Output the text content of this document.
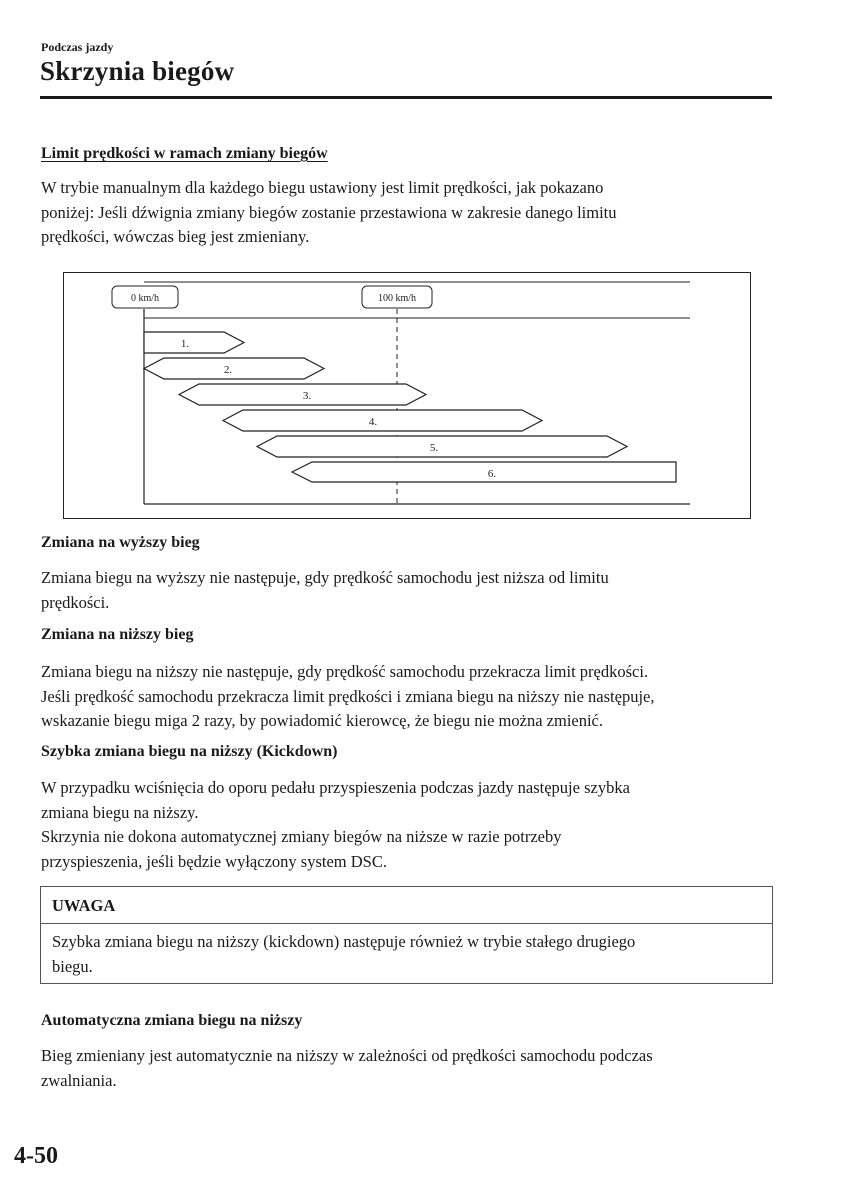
Podczas jazdy
Skrzynia biegów
Limit prędkości w ramach zmiany biegów
W trybie manualnym dla każdego biegu ustawiony jest limit prędkości, jak pokazano
poniżej: Jeśli dźwignia zmiany biegów zostanie przestawiona w zakresie danego limitu
prędkości, wówczas bieg jest zmieniany.
0 km/h	100 km/h
1.
2.
3.
4.
5.
6.
Zmiana na wyższy bieg
Zmiana biegu na wyższy nie następuje, gdy prędkość samochodu jest niższa od limitu
prędkości.
Zmiana na niższy bieg
Zmiana biegu na niższy nie następuje, gdy prędkość samochodu przekracza limit prędkości.
Jeśli prędkość samochodu przekracza limit prędkości i zmiana biegu na niższy nie następuje,
wskazanie biegu miga 2 razy, by powiadomić kierowcę, że biegu nie można zmienić.
Szybka zmiana biegu na niższy (Kickdown)
W przypadku wciśnięcia do oporu pedału przyspieszenia podczas jazdy następuje szybka
zmiana biegu na niższy.
Skrzynia nie dokona automatycznej zmiany biegów na niższe w razie potrzeby
przyspieszenia, jeśli będzie wyłączony system DSC.
UWAGA
Szybka zmiana biegu na niższy (kickdown) następuje również w trybie stałego drugiego
biegu.
Automatyczna zmiana biegu na niższy
Bieg zmieniany jest automatycznie na niższy w zależności od prędkości samochodu podczas
zwalniania.
4-50
